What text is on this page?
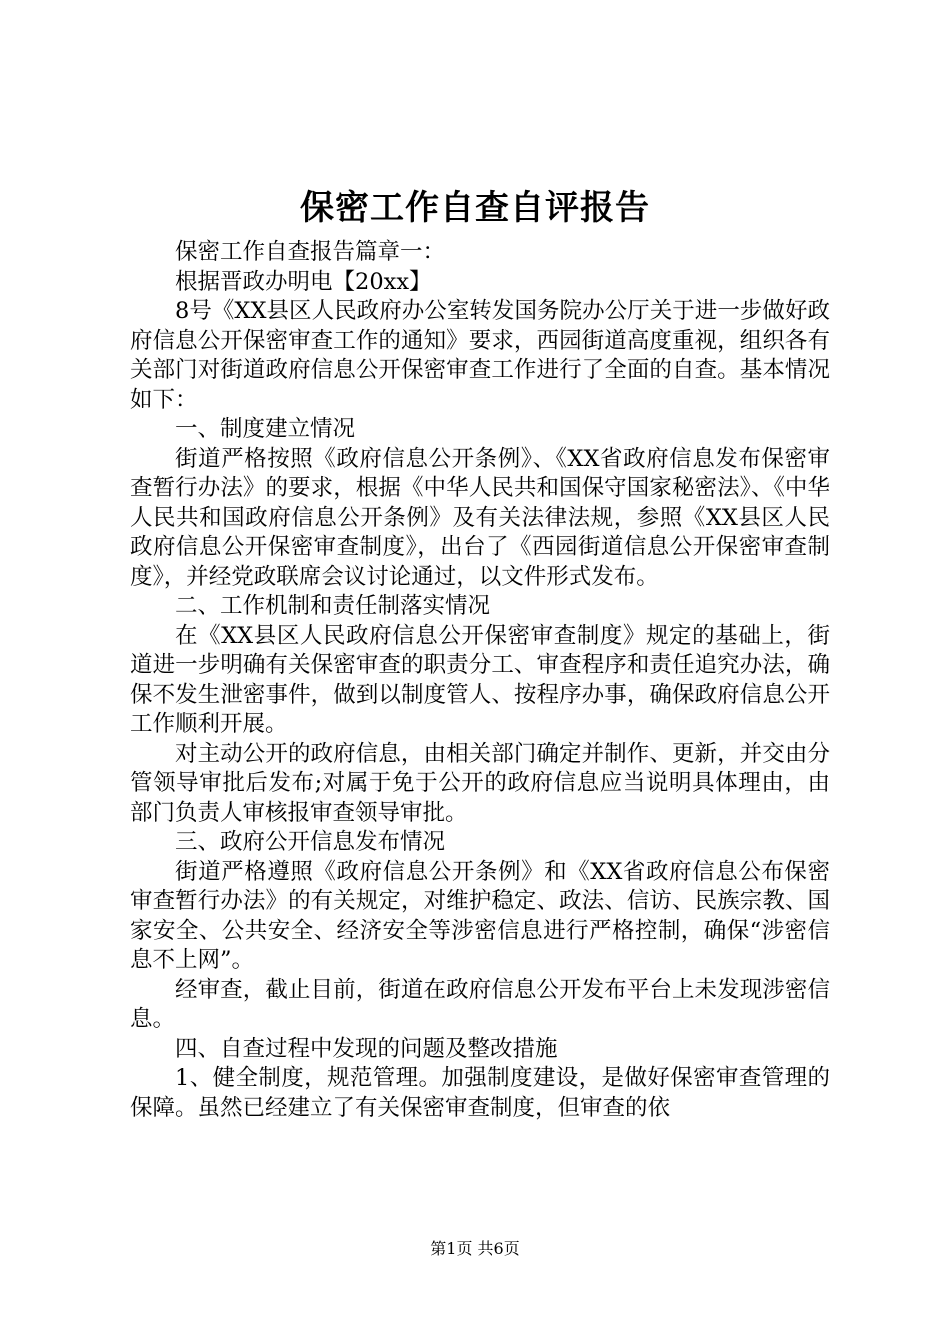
保密工作自查自评报告

保密工作自查报告篇章一：

根据晋政办明电【20xx】

8号《XX县区人民政府办公室转发国务院办公厅关于进一步做好政府信息公开保密审查工作的通知》要求，西园街道高度重视，组织各有关部门对街道政府信息公开保密审查工作进行了全面的自查。基本情况如下：

一、制度建立情况

街道严格按照《政府信息公开条例》、《XX省政府信息发布保密审查暂行办法》的要求，根据《中华人民共和国保守国家秘密法》、《中华人民共和国政府信息公开条例》及有关法律法规，参照《XX县区人民政府信息公开保密审查制度》，出台了《西园街道信息公开保密审查制度》，并经党政联席会议讨论通过，以文件形式发布。

二、工作机制和责任制落实情况

在《XX县区人民政府信息公开保密审查制度》规定的基础上，街道进一步明确有关保密审查的职责分工、审查程序和责任追究办法，确保不发生泄密事件，做到以制度管人、按程序办事，确保政府信息公开工作顺利开展。

对主动公开的政府信息，由相关部门确定并制作、更新，并交由分管领导审批后发布;对属于免于公开的政府信息应当说明具体理由，由部门负责人审核报审查领导审批。

三、政府公开信息发布情况

街道严格遵照《政府信息公开条例》和《XX省政府信息公布保密审查暂行办法》的有关规定，对维护稳定、政法、信访、民族宗教、国家安全、公共安全、经济安全等涉密信息进行严格控制，确保“涉密信息不上网”。

经审查，截止目前，街道在政府信息公开发布平台上未发现涉密信息。

四、自查过程中发现的问题及整改措施

1、健全制度，规范管理。加强制度建设，是做好保密审查管理的保障。虽然已经建立了有关保密审查制度，但审查的依

第1页 共6页
